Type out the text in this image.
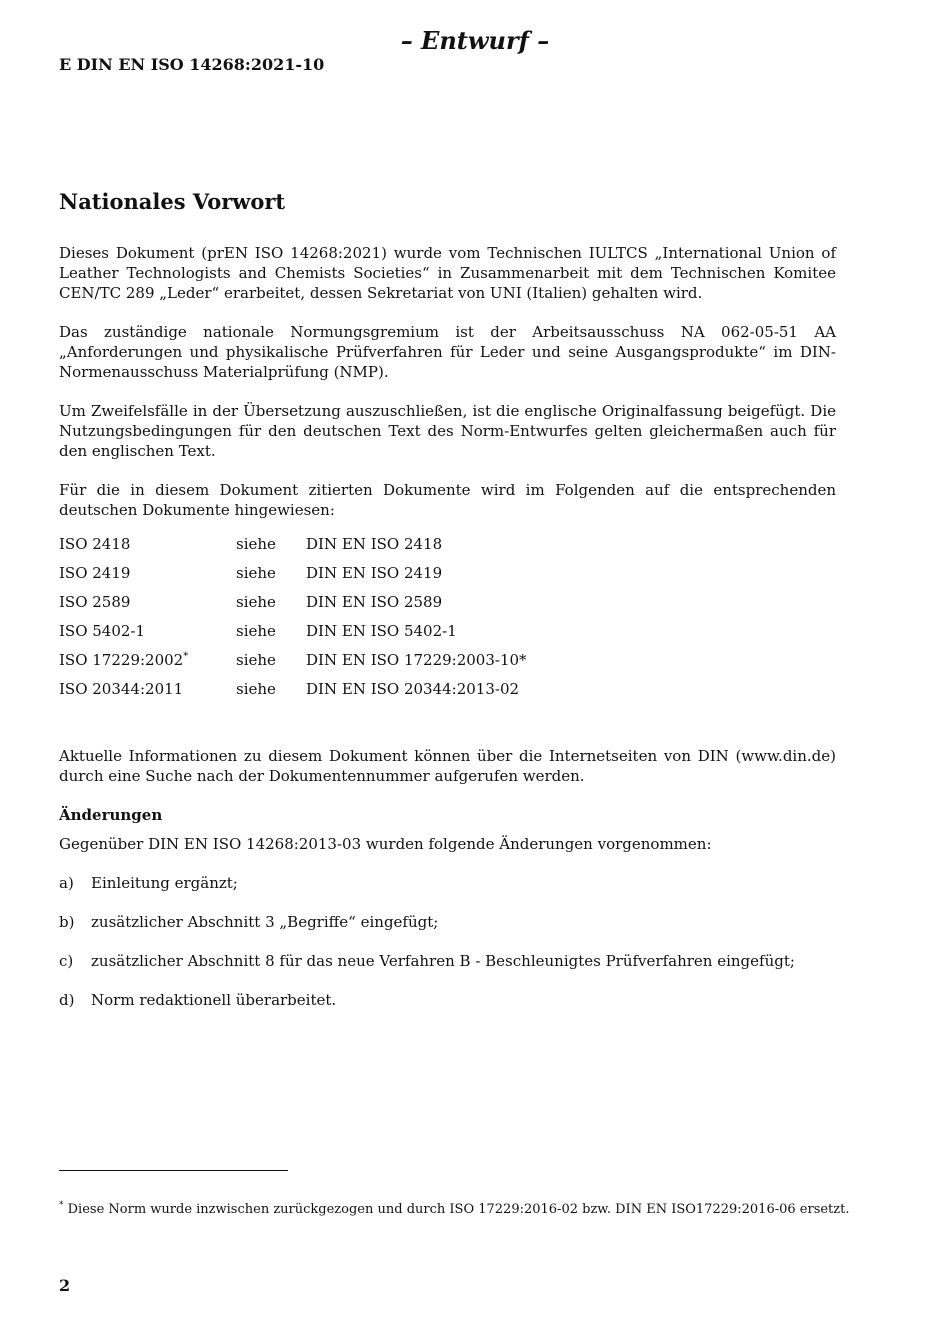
– Entwurf –
E DIN EN ISO 14268:2021-10
Nationales Vorwort

Dieses Dokument (prEN ISO 14268:2021) wurde vom Technischen IULTCS „International Union of Leather Technologists and Chemists Societies“ in Zusammenarbeit mit dem Technischen Komitee CEN/TC 289 „Leder“ erarbeitet, dessen Sekretariat von UNI (Italien) gehalten wird.

Das zuständige nationale Normungsgremium ist der Arbeitsausschuss NA 062-05-51 AA „Anforderungen und physikalische Prüfverfahren für Leder und seine Ausgangsprodukte“ im DIN-Normenausschuss Materialprüfung (NMP).

Um Zweifelsfälle in der Übersetzung auszuschließen, ist die englische Originalfassung beigefügt. Die Nutzungsbedingungen für den deutschen Text des Norm-Entwurfes gelten gleichermaßen auch für den englischen Text.

Für die in diesem Dokument zitierten Dokumente wird im Folgenden auf die entsprechenden deutschen Dokumente hingewiesen:

ISO 2418	siehe	DIN EN ISO 2418
ISO 2419	siehe	DIN EN ISO 2419
ISO 2589	siehe	DIN EN ISO 2589
ISO 5402-1	siehe	DIN EN ISO 5402-1
ISO 17229:2002*	siehe	DIN EN ISO 17229:2003-10*
ISO 20344:2011	siehe	DIN EN ISO 20344:2013-02

Aktuelle Informationen zu diesem Dokument können über die Internetseiten von DIN (www.din.de) durch eine Suche nach der Dokumentennummer aufgerufen werden.

Änderungen
Gegenüber DIN EN ISO 14268:2013-03 wurden folgende Änderungen vorgenommen:
a)	Einleitung ergänzt;
b)	zusätzlicher Abschnitt 3 „Begriffe“ eingefügt;
c)	zusätzlicher Abschnitt 8 für das neue Verfahren B - Beschleunigtes Prüfverfahren eingefügt;
d)	Norm redaktionell überarbeitet.
* Diese Norm wurde inzwischen zurückgezogen und durch ISO 17229:2016-02 bzw. DIN EN ISO17229:2016-06 ersetzt.
2
